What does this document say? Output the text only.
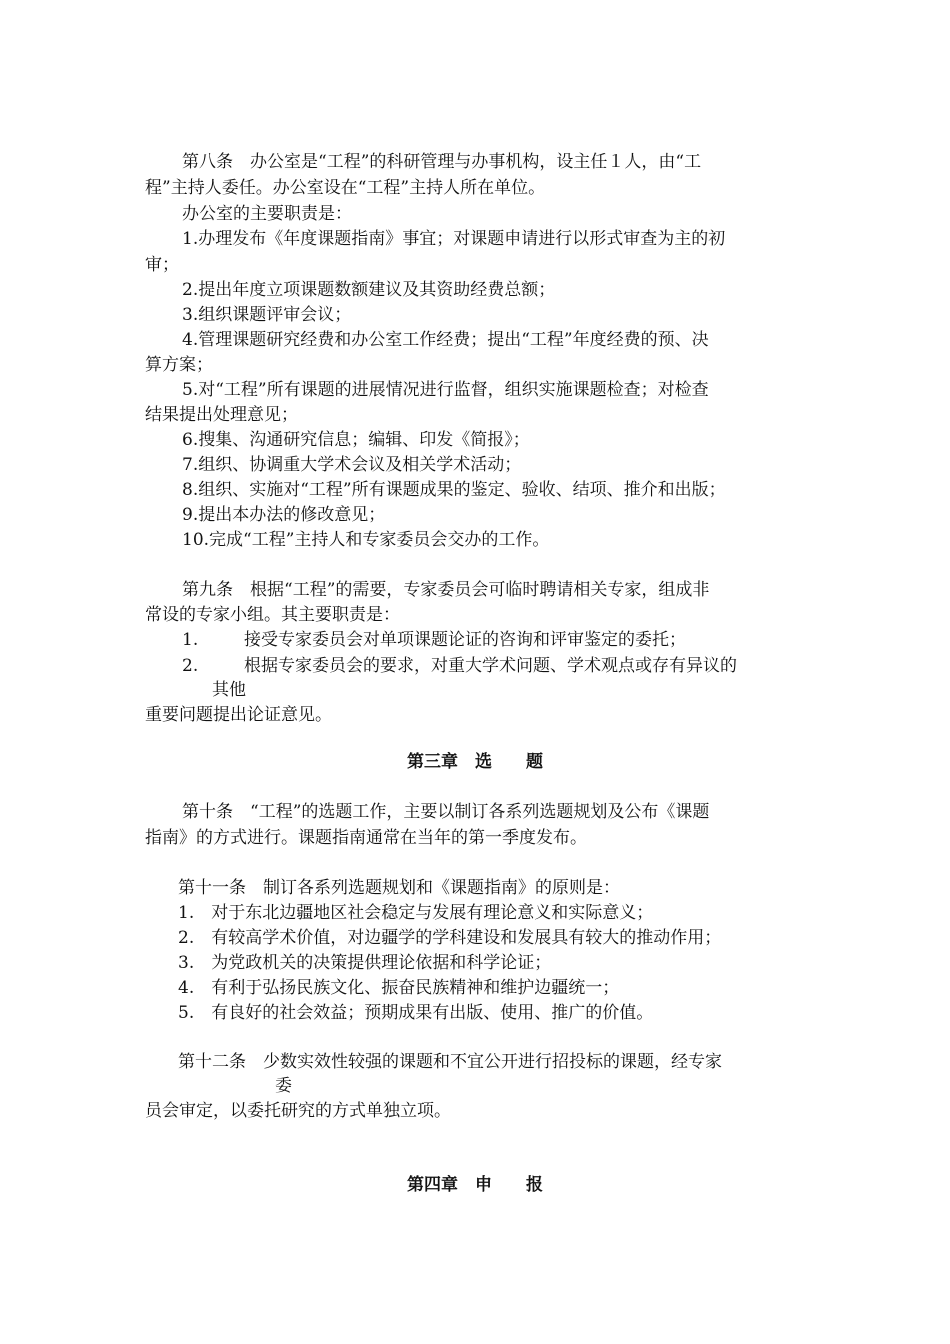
第八条　办公室是“工程”的科研管理与办事机构，设主任１人，由“工
程”主持人委任。办公室设在“工程”主持人所在单位。
办公室的主要职责是：
1.办理发布《年度课题指南》事宜；对课题申请进行以形式审查为主的初
审；
2.提出年度立项课题数额建议及其资助经费总额；
3.组织课题评审会议；
4.管理课题研究经费和办公室工作经费；提出“工程”年度经费的预、决
算方案；
5.对“工程”所有课题的进展情况进行监督，组织实施课题检查；对检查
结果提出处理意见；
6.搜集、沟通研究信息；编辑、印发《简报》；
7.组织、协调重大学术会议及相关学术活动；
8.组织、实施对“工程”所有课题成果的鉴定、验收、结项、推介和出版；
9.提出本办法的修改意见；
10.完成“工程”主持人和专家委员会交办的工作。
第九条　根据“工程”的需要，专家委员会可临时聘请相关专家，组成非
常设的专家小组。其主要职责是：
1.	接受专家委员会对单项课题论证的咨询和评审鉴定的委托；
2.	根据专家委员会的要求，对重大学术问题、学术观点或存有异议的
其他
重要问题提出论证意见。
第三章　选　　题
第十条　“工程”的选题工作，主要以制订各系列选题规划及公布《课题
指南》的方式进行。课题指南通常在当年的第一季度发布。
第十一条　制订各系列选题规划和《课题指南》的原则是：
1.　对于东北边疆地区社会稳定与发展有理论意义和实际意义；
2.　有较高学术价值，对边疆学的学科建设和发展具有较大的推动作用；
3.　为党政机关的决策提供理论依据和科学论证；
4.　有利于弘扬民族文化、振奋民族精神和维护边疆统一；
5.　有良好的社会效益；预期成果有出版、使用、推广的价值。
第十二条　少数实效性较强的课题和不宜公开进行招投标的课题，经专家
委
员会审定，以委托研究的方式单独立项。
第四章　申　　报
